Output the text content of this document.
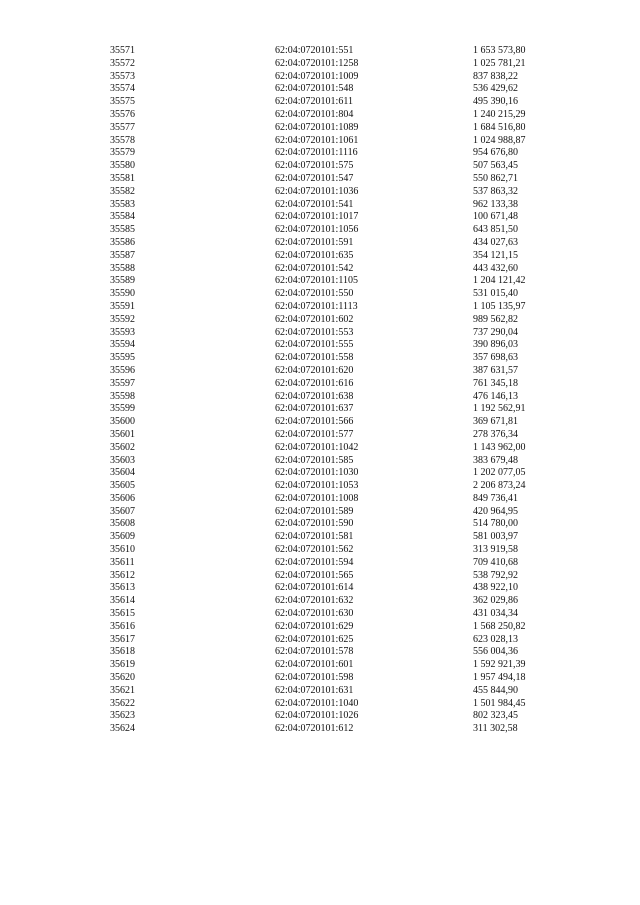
35571	62:04:0720101:551	1 653 573,80
35572	62:04:0720101:1258	1 025 781,21
35573	62:04:0720101:1009	837 838,22
35574	62:04:0720101:548	536 429,62
35575	62:04:0720101:611	495 390,16
35576	62:04:0720101:804	1 240 215,29
35577	62:04:0720101:1089	1 684 516,80
35578	62:04:0720101:1061	1 024 988,87
35579	62:04:0720101:1116	954 676,80
35580	62:04:0720101:575	507 563,45
35581	62:04:0720101:547	550 862,71
35582	62:04:0720101:1036	537 863,32
35583	62:04:0720101:541	962 133,38
35584	62:04:0720101:1017	100 671,48
35585	62:04:0720101:1056	643 851,50
35586	62:04:0720101:591	434 027,63
35587	62:04:0720101:635	354 121,15
35588	62:04:0720101:542	443 432,60
35589	62:04:0720101:1105	1 204 121,42
35590	62:04:0720101:550	531 015,40
35591	62:04:0720101:1113	1 105 135,97
35592	62:04:0720101:602	989 562,82
35593	62:04:0720101:553	737 290,04
35594	62:04:0720101:555	390 896,03
35595	62:04:0720101:558	357 698,63
35596	62:04:0720101:620	387 631,57
35597	62:04:0720101:616	761 345,18
35598	62:04:0720101:638	476 146,13
35599	62:04:0720101:637	1 192 562,91
35600	62:04:0720101:566	369 671,81
35601	62:04:0720101:577	278 376,34
35602	62:04:0720101:1042	1 143 962,00
35603	62:04:0720101:585	383 679,48
35604	62:04:0720101:1030	1 202 077,05
35605	62:04:0720101:1053	2 206 873,24
35606	62:04:0720101:1008	849 736,41
35607	62:04:0720101:589	420 964,95
35608	62:04:0720101:590	514 780,00
35609	62:04:0720101:581	581 003,97
35610	62:04:0720101:562	313 919,58
35611	62:04:0720101:594	709 410,68
35612	62:04:0720101:565	538 792,92
35613	62:04:0720101:614	438 922,10
35614	62:04:0720101:632	362 029,86
35615	62:04:0720101:630	431 034,34
35616	62:04:0720101:629	1 568 250,82
35617	62:04:0720101:625	623 028,13
35618	62:04:0720101:578	556 004,36
35619	62:04:0720101:601	1 592 921,39
35620	62:04:0720101:598	1 957 494,18
35621	62:04:0720101:631	455 844,90
35622	62:04:0720101:1040	1 501 984,45
35623	62:04:0720101:1026	802 323,45
35624	62:04:0720101:612	311 302,58
